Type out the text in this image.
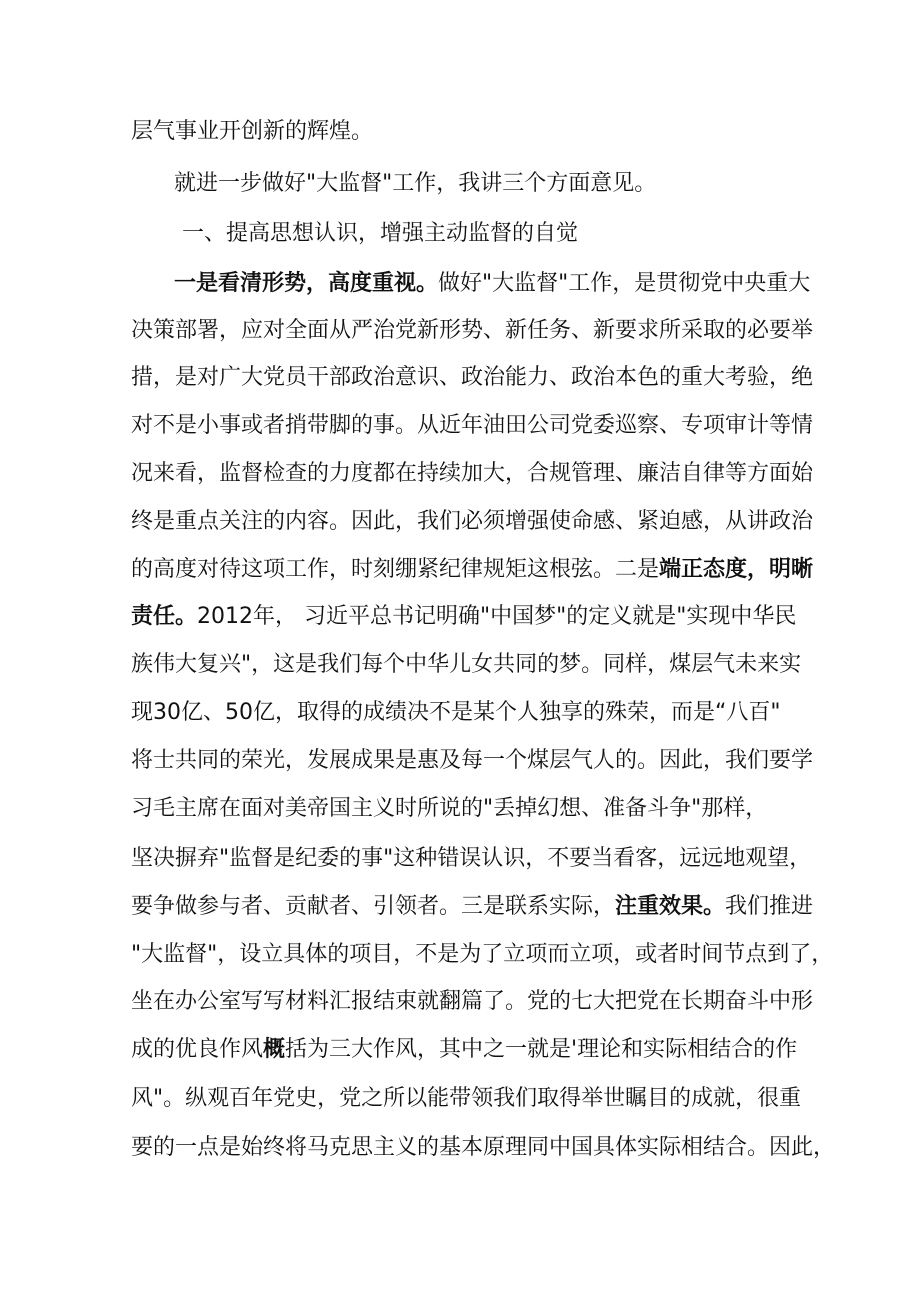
层气事业开创新的辉煌。
就进一步做好"大监督"工作，我讲三个方面意见。
一、提高思想认识，增强主动监督的自觉
一是看清形势，高度重视。做好"大监督"工作，是贯彻党中央重大
决策部署，应对全面从严治党新形势、新任务、新要求所采取的必要举
措，是对广大党员干部政治意识、政治能力、政治本色的重大考验，绝
对不是小事或者捎带脚的事。从近年油田公司党委巡察、专项审计等情
况来看，监督检查的力度都在持续加大，合规管理、廉洁自律等方面始
终是重点关注的内容。因此，我们必须增强使命感、紧迫感，从讲政治
的高度对待这项工作，时刻绷紧纪律规矩这根弦。二是端正态度，明晰
责任。2012年， 习近平总书记明确"中国梦"的定义就是"实现中华民
族伟大复兴"，这是我们每个中华儿女共同的梦。同样，煤层气未来实
现30亿、50亿，取得的成绩决不是某个人独享的殊荣，而是“八百"
将士共同的荣光，发展成果是惠及每一个煤层气人的。因此，我们要学
习毛主席在面对美帝国主义时所说的"丢掉幻想、准备斗争"那样，
坚决摒弃"监督是纪委的事"这种错误认识，不要当看客，远远地观望，
要争做参与者、贡献者、引领者。三是联系实际，注重效果。我们推进
"大监督"，设立具体的项目，不是为了立项而立项，或者时间节点到了，
坐在办公室写写材料汇报结束就翻篇了。党的七大把党在长期奋斗中形
成的优良作风概括为三大作风，其中之一就是'理论和实际相结合的作
风"。纵观百年党史，党之所以能带领我们取得举世瞩目的成就，很重
要的一点是始终将马克思主义的基本原理同中国具体实际相结合。因此，
